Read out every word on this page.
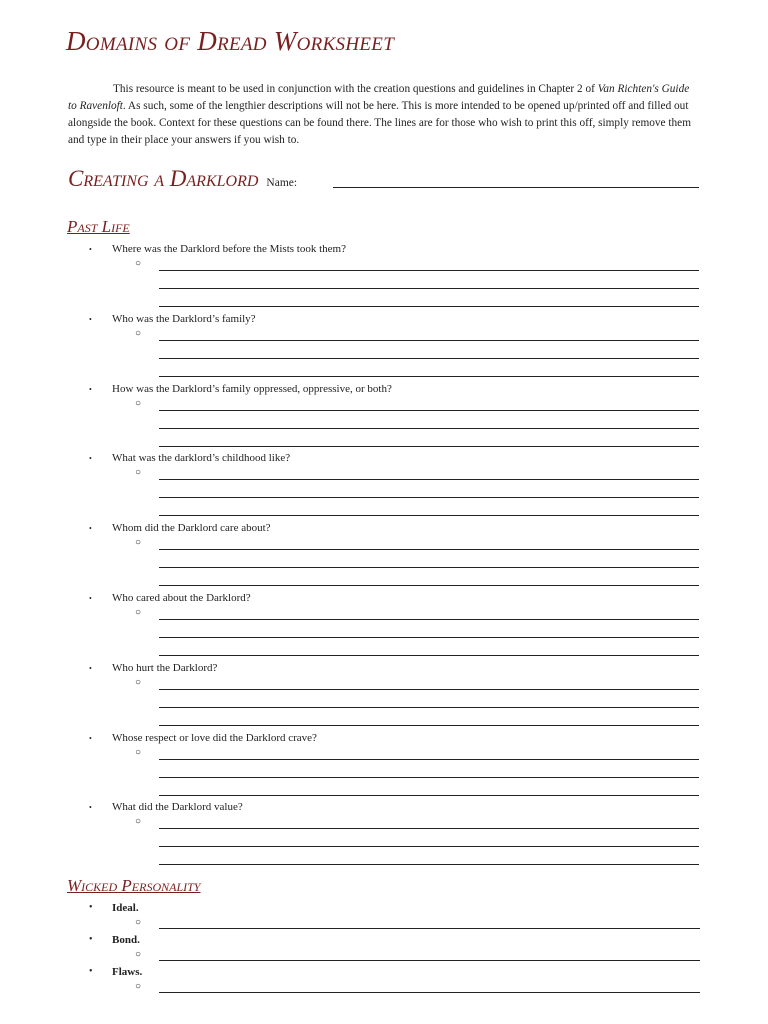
Domains of Dread Worksheet

This resource is meant to be used in conjunction with the creation questions and guidelines in Chapter 2 of Van Richten's Guide to Ravenloft. As such, some of the lengthier descriptions will not be here. This is more intended to be opened up/printed off and filled out alongside the book. Context for these questions can be found there. The lines are for those who wish to print this off, simply remove them and type in their place your answers if you wish to.

Creating a Darklord Name:
Past Life
• Where was the Darklord before the Mists took them?
○
• Who was the Darklord’s family?
○
• How was the Darklord’s family oppressed, oppressive, or both?
○
• What was the darklord’s childhood like?
○
• Whom did the Darklord care about?
○
• Who cared about the Darklord?
○
• Who hurt the Darklord?
○
• Whose respect or love did the Darklord crave?
○
• What did the Darklord value?
○
Wicked Personality
• Ideal.
○
• Bond.
○
• Flaws.
○
